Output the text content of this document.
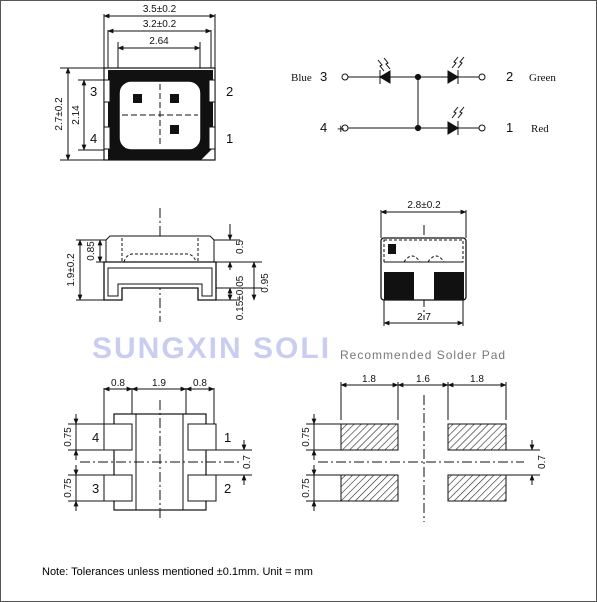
3.5±0.2
3.2±0.2
2.64
2.7±0.2 2.14
3
4
2
1
Blue 3
4
2 Green
1 Red
+
1.9±0.2
0.85	0.5
0.15±0.05 0.95
2.8±0.2
2.7
SUNGXIN SOLI Recommended Solder Pad
0.8	1.9	0.8
0.75
0.75
0.7
4
3
1
2
1.8	1.6	1.8
0.75
0.75
0.7
Note: Tolerances unless mentioned ±0.1mm. Unit = mm
